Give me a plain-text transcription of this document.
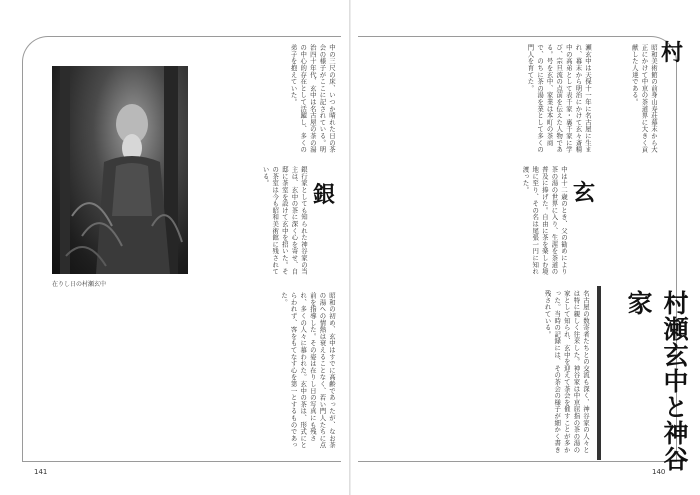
昭和美術館の前身山寿荘幕末から大正にかけて中京の茶道界に大きく貢献した人達である。	村
瀬玄中は天保十一年に名古屋に生まれ、幕末から明治にかけて玄々斎精中の高弟として表千家・裏千家に学び、宗旦流の点前を伝えた人物である。号を玄中、家業は本町の茶商で、のちに茶の湯を業として多くの門人を育てた。
玄
中は十二歳のとき、父の勧めにより茶の湯の世界に入り、生涯を茶道の普及に捧げた。自由に茶を楽しむ境地に至り、その名は尾張一円に知れ渡った。
名古屋の数寄者たちとの交流も深く、神谷家の人々とは特に親しく往来した。神谷家は中京屈指の茶の湯の家として知られ、玄中を迎えて茶会を催すことが多かった。当時の記録には、その茶会の様子が細かく書き残されている。	村瀬玄中と神谷家
在りし日の村瀬玄中
中の三尺の床、いつか晴れた日の茶会の様子がここに記されている。明治四十年代、玄中は名古屋の茶の湯の中心的存在として活躍し、多くの弟子を抱えていた。
銀
銀行家としても知られた神谷家の当主は、玄中の茶に深く心を寄せ、自邸に茶室を設けて玄中を招いた。その茶室は今も昭和美術館に残されている。
昭和の初め、玄中はすでに高齢であったが、なお茶の湯への情熱は衰えることなく、若い門人たちに点前を指導した。その姿は在りし日の写真にも残され、多くの人々に慕われた。玄中の茶は、形式にとらわれず、客をもてなす心を第一とするものであった。
141	140
